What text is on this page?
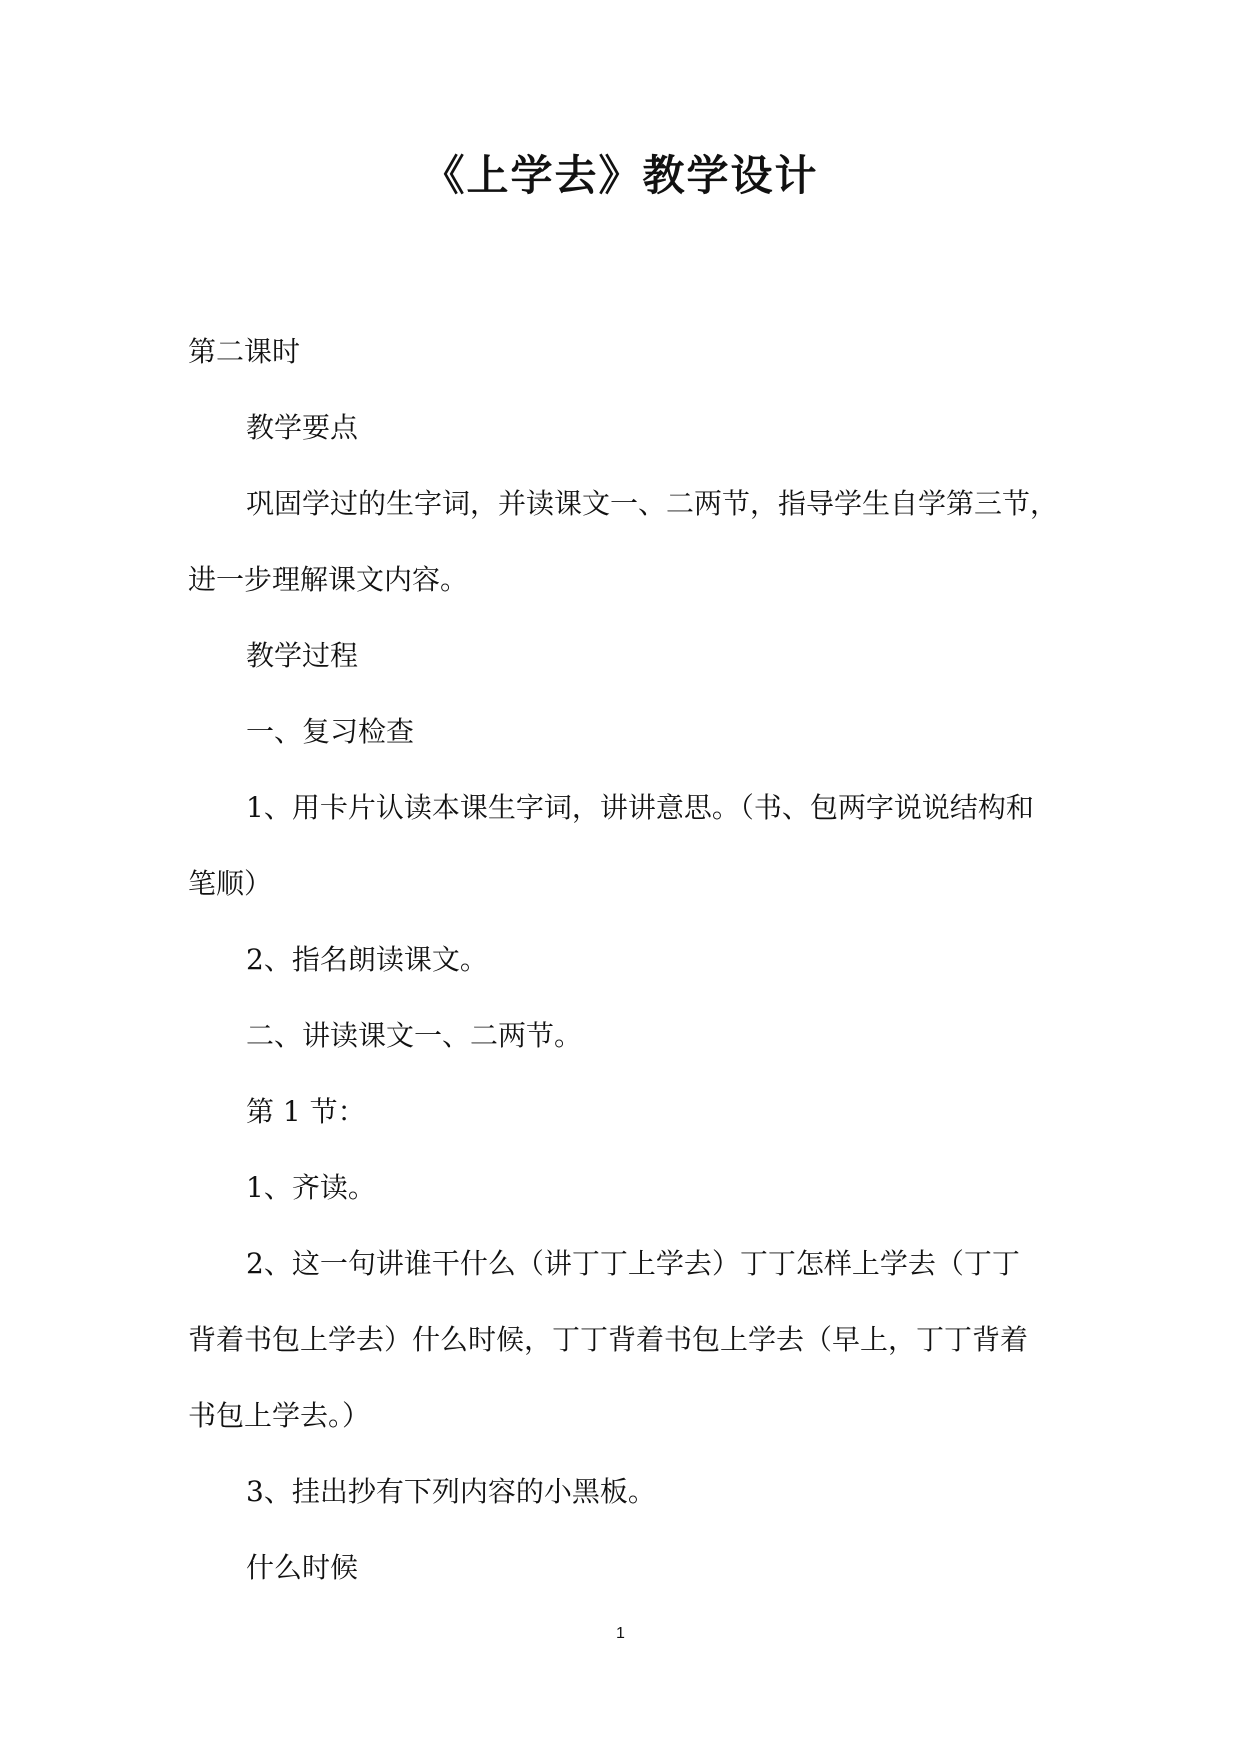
《上学去》教学设计
第二课时
教学要点
巩固学过的生字词，并读课文一、二两节，指导学生自学第三节，
进一步理解课文内容。
教学过程
一、复习检查
1、用卡片认读本课生字词，讲讲意思。（书、包两字说说结构和
笔顺）
2、指名朗读课文。
二、讲读课文一、二两节。
第 1 节：
1、齐读。
2、这一句讲谁干什么（讲丁丁上学去）丁丁怎样上学去（丁丁
背着书包上学去）什么时候，丁丁背着书包上学去（早上，丁丁背着
书包上学去。）
3、挂出抄有下列内容的小黑板。
什么时候
1
